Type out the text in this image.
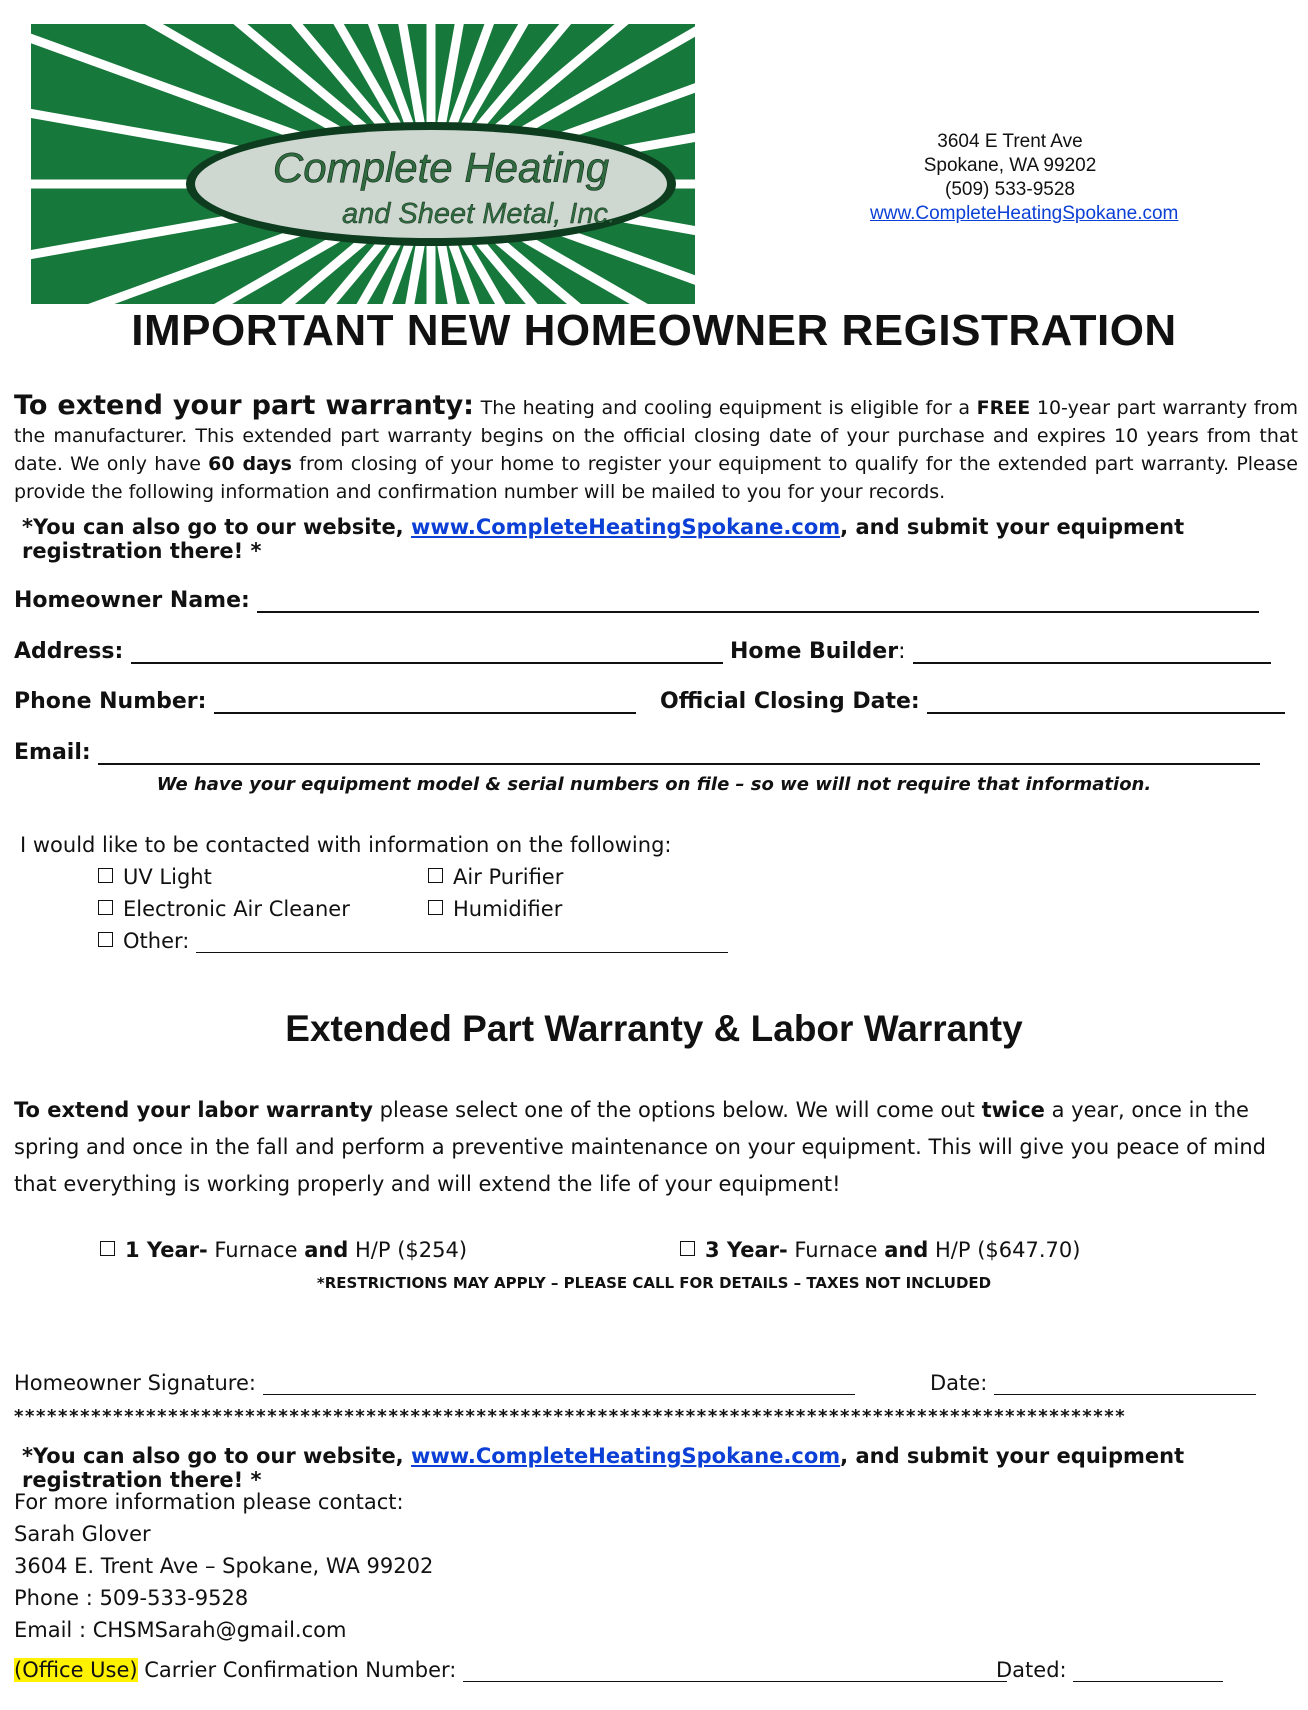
Complete Heating
and Sheet Metal, Inc.
3604 E Trent Ave
Spokane, WA 99202
(509) 533-9528
www.CompleteHeatingSpokane.com
IMPORTANT NEW HOMEOWNER REGISTRATION
To extend your part warranty: The heating and cooling equipment is eligible for a FREE 10-year part warranty from the manufacturer. This extended part warranty begins on the official closing date of your purchase and expires 10 years from that date. We only have 60 days from closing of your home to register your equipment to qualify for the extended part warranty. Please provide the following information and confirmation number will be mailed to you for your records.
*You can also go to our website, www.CompleteHeatingSpokane.com, and submit your equipment registration there! *
Homeowner Name:
Address:	Home Builder:
Phone Number:	Official Closing Date:
Email:
We have your equipment model & serial numbers on file – so we will not require that information.
I would like to be contacted with information on the following:
UV Light	Air Purifier
Electronic Air Cleaner	Humidifier
Other:
Extended Part Warranty & Labor Warranty
To extend your labor warranty please select one of the options below. We will come out twice a year, once in the spring and once in the fall and perform a preventive maintenance on your equipment. This will give you peace of mind that everything is working properly and will extend the life of your equipment!
1 Year- Furnace and H/P ($254)	3 Year- Furnace and H/P ($647.70)
*RESTRICTIONS MAY APPLY – PLEASE CALL FOR DETAILS – TAXES NOT INCLUDED
Homeowner Signature:	Date:
*****************************************************************************************************
*You can also go to our website, www.CompleteHeatingSpokane.com, and submit your equipment registration there! *
For more information please contact:
Sarah Glover
3604 E. Trent Ave – Spokane, WA 99202
Phone : 509-533-9528
Email : CHSMSarah@gmail.com
(Office Use) Carrier Confirmation Number:	Dated:
